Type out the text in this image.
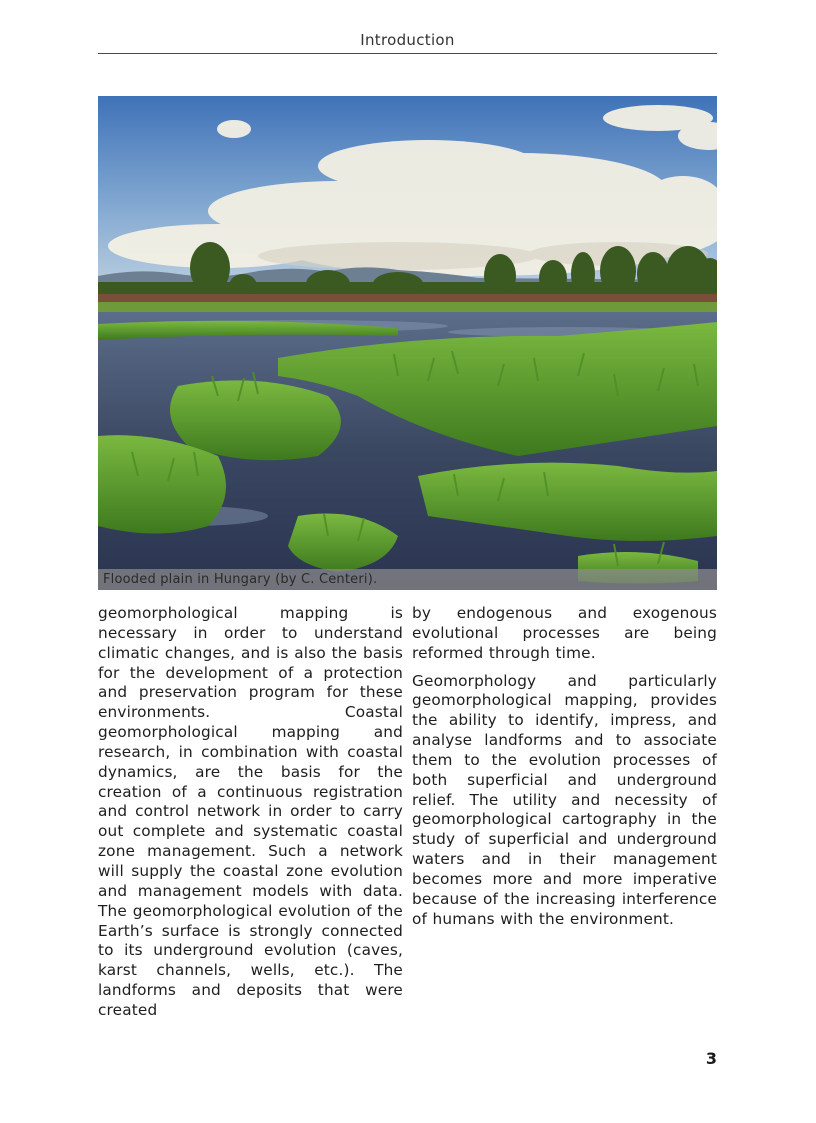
Introduction
Flooded plain in Hungary (by C. Centeri).

geomorphological mapping is necessary in order to understand climatic changes, and is also the basis for the development of a protection and preservation program for these environments. Coastal geomorphological mapping and research, in combination with coastal dynamics, are the basis for the creation of a continuous registration and control network in order to carry out complete and systematic coastal zone management. Such a network will supply the coastal zone evolution and management models with data. The geomorphological evolution of the Earth’s surface is strongly connected to its underground evolution (caves, karst channels, wells, etc.). The landforms and deposits that were created

by endogenous and exogenous evolutional processes are being reformed through time.

Geomorphology and particularly geomorphological mapping, provides the ability to identify, impress, and analyse landforms and to associate them to the evolution processes of both superficial and underground relief. The utility and necessity of geomorphological cartography in the study of superficial and underground waters and in their management becomes more and more imperative because of the increasing interference of humans with the environment.

3
